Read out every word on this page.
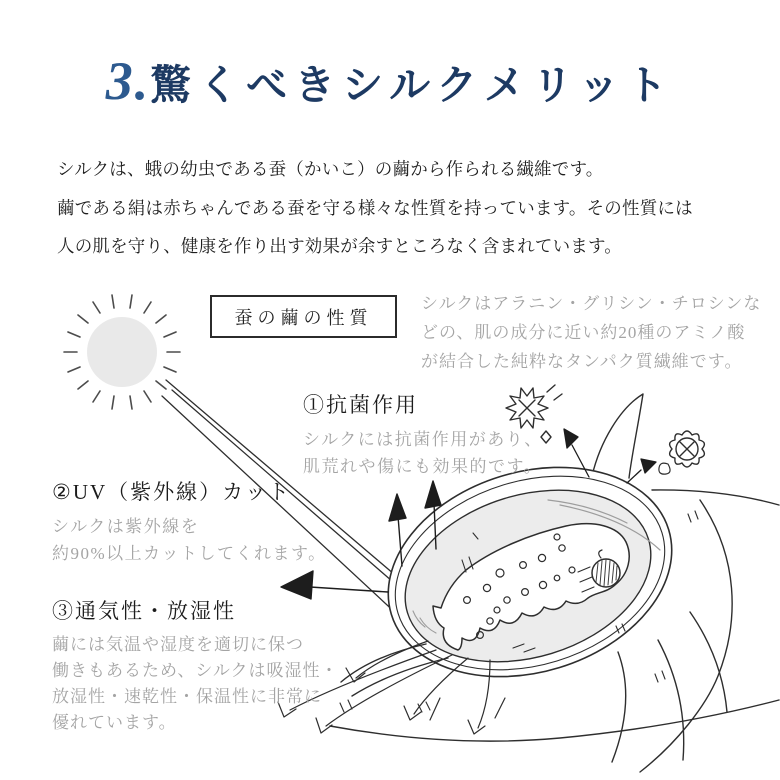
3.驚くべきシルクメリット
シルクは、蛾の幼虫である蚕（かいこ）の繭から作られる繊維です。
繭である絹は赤ちゃんである蚕を守る様々な性質を持っています。その性質には
人の肌を守り、健康を作り出す効果が余すところなく含まれています。
蚕の繭の性質
シルクはアラニン・グリシン・チロシンな
どの、肌の成分に近い約20種のアミノ酸
が結合した純粋なタンパク質繊維です。
①抗菌作用
シルクには抗菌作用があり、
肌荒れや傷にも効果的です。
②UV（紫外線）カット
シルクは紫外線を
約90%以上カットしてくれます。
③通気性・放湿性
繭には気温や湿度を適切に保つ
働きもあるため、シルクは吸湿性・
放湿性・速乾性・保温性に非常に
優れています。
